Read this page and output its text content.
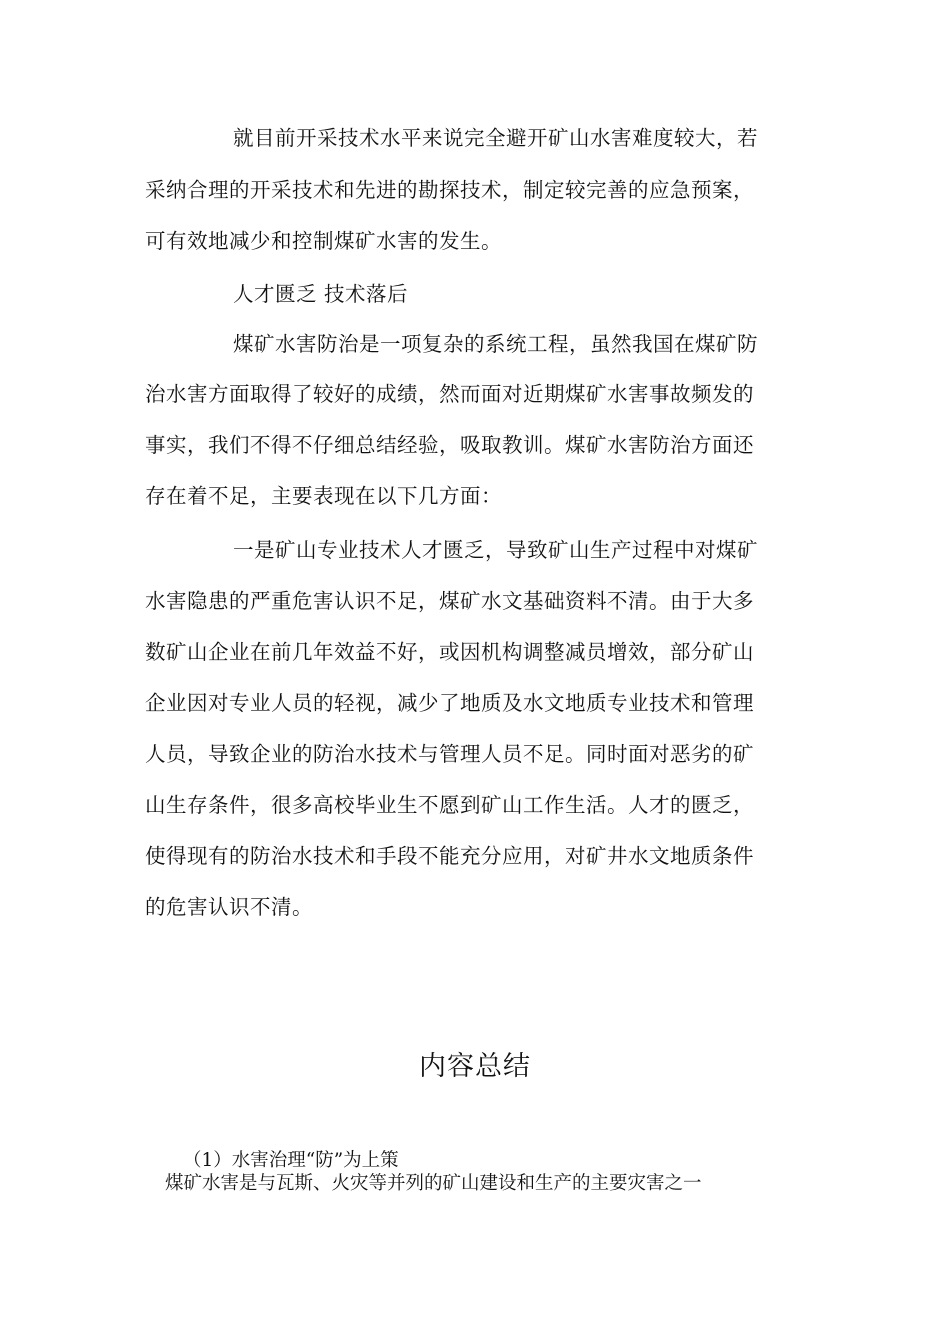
就目前开采技术水平来说完全避开矿山水害难度较大，若
采纳合理的开采技术和先进的勘探技术，制定较完善的应急预案，
可有效地减少和控制煤矿水害的发生。
人才匮乏 技术落后
煤矿水害防治是一项复杂的系统工程，虽然我国在煤矿防
治水害方面取得了较好的成绩，然而面对近期煤矿水害事故频发的
事实，我们不得不仔细总结经验，吸取教训。煤矿水害防治方面还
存在着不足，主要表现在以下几方面：
一是矿山专业技术人才匮乏，导致矿山生产过程中对煤矿
水害隐患的严重危害认识不足，煤矿水文基础资料不清。由于大多
数矿山企业在前几年效益不好，或因机构调整减员增效，部分矿山
企业因对专业人员的轻视，减少了地质及水文地质专业技术和管理
人员，导致企业的防治水技术与管理人员不足。同时面对恶劣的矿
山生存条件，很多高校毕业生不愿到矿山工作生活。人才的匮乏，
使得现有的防治水技术和手段不能充分应用，对矿井水文地质条件
的危害认识不清。
内容总结
（1）水害治理“防”为上策
煤矿水害是与瓦斯、火灾等并列的矿山建设和生产的主要灾害之一
